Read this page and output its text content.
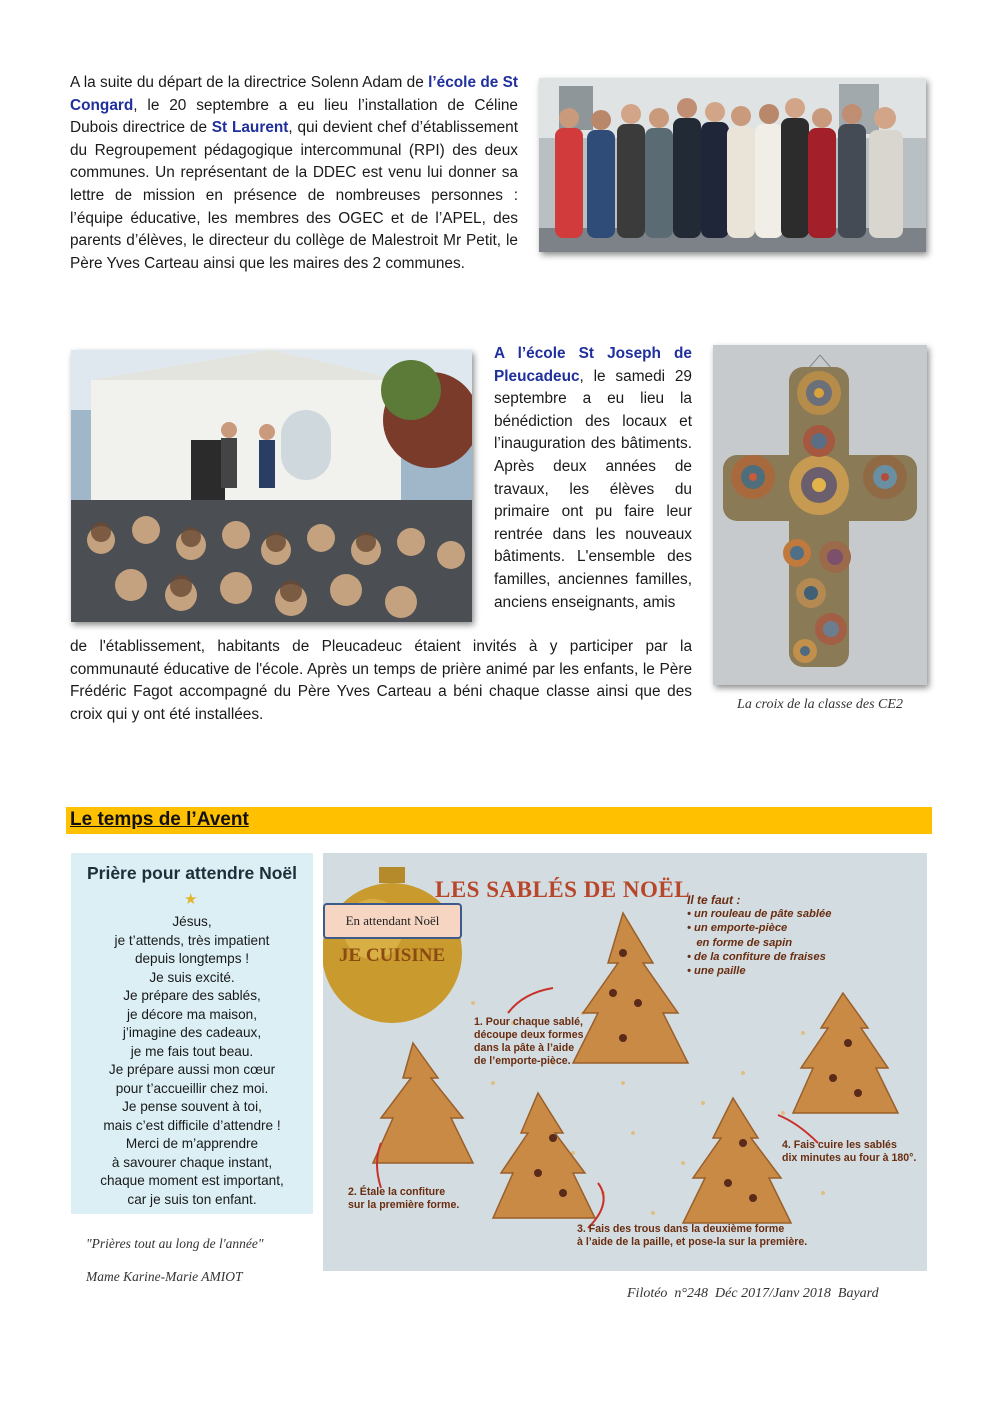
A la suite du départ de la directrice Solenn Adam de l’école de St Congard, le 20 septembre a eu lieu l’installation de Céline Dubois directrice de St Laurent, qui devient chef d’établissement du Regroupement pédagogique intercommunal (RPI) des deux communes. Un représentant de la DDEC est venu lui donner sa lettre de mission en présence de nombreuses personnes : l’équipe éducative, les membres des OGEC et de l’APEL, des parents d’élèves, le directeur du collège de Malestroit Mr Petit, le Père Yves Carteau ainsi que les maires des 2 communes.

A l’école St Joseph de Pleucadeuc, le samedi 29 septembre a eu lieu la bénédiction des locaux et l’inauguration des bâtiments. Après deux années de travaux, les élèves du primaire ont pu faire leur rentrée dans les nouveaux bâtiments. L'ensemble des familles, anciennes familles, anciens enseignants, amis

de l'établissement, habitants de Pleucadeuc étaient invités à y participer par la communauté éducative de l'école. Après un temps de prière animé par les enfants, le Père Frédéric Fagot accompagné du Père Yves Carteau a béni chaque classe ainsi que des croix qui y ont été installées.

La croix de la classe des CE2
Le temps de l’Avent
Prière pour attendre Noël
★
Jésus,
je t’attends, très impatient
depuis longtemps !
Je suis excité.
Je prépare des sablés,
je décore ma maison,
j’imagine des cadeaux,
je me fais tout beau.
Je prépare aussi mon cœur
pour t’accueillir chez moi.
Je pense souvent à toi,
mais c’est difficile d’attendre !
Merci de m’apprendre
à savourer chaque instant,
chaque moment est important,
car je suis ton enfant.
"Prières tout au long de l'année"
Mame Karine-Marie AMIOT
LES SABLÉS DE NOËL
JE CUISINE
En attendant Noël
Il te faut :
• un rouleau de pâte sablée
• un emporte-pièce
en forme de sapin
• de la confiture de fraises
• une paille
1. Pour chaque sablé,
découpe deux formes
dans la pâte à l’aide
de l’emporte-pièce.
2. Étale la confiture
sur la première forme.
3. Fais des trous dans la deuxième forme
à l’aide de la paille, et pose-la sur la première.
4. Fais cuire les sablés
dix minutes au four à 180°.
Filotéo  n°248  Déc 2017/Janv 2018  Bayard
